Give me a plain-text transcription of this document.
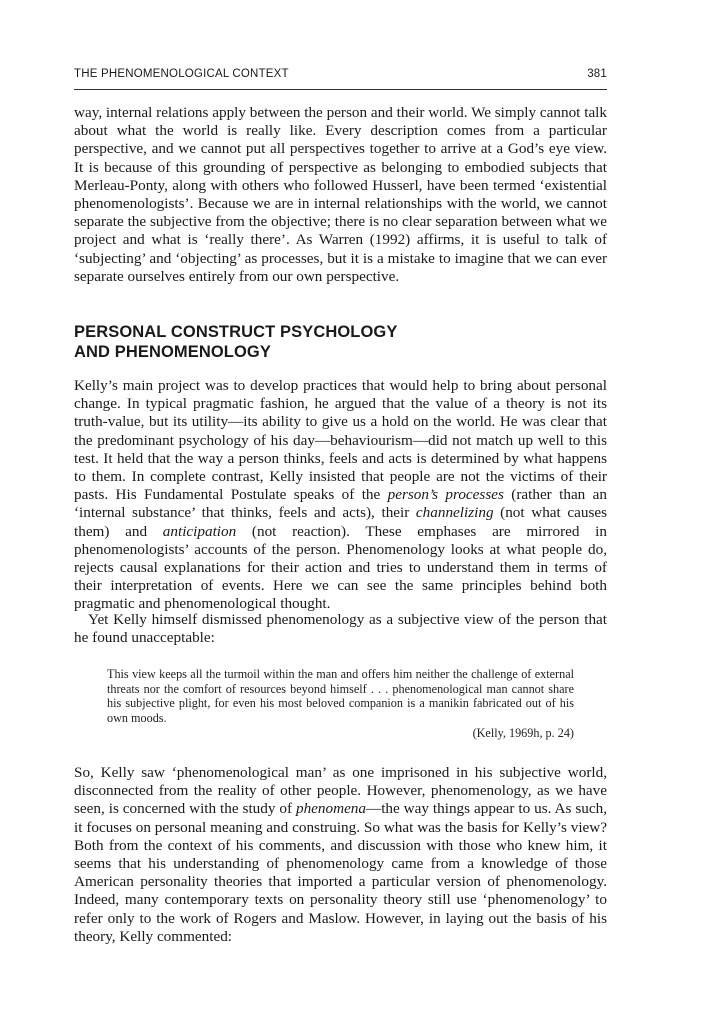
THE PHENOMENOLOGICAL CONTEXT	381

way, internal relations apply between the person and their world. We simply cannot talk about what the world is really like. Every description comes from a particular perspective, and we cannot put all perspectives together to arrive at a God’s eye view. It is because of this grounding of perspective as belonging to embodied subjects that Merleau-Ponty, along with others who followed Husserl, have been termed ‘existential phenomenologists’. Because we are in internal relationships with the world, we cannot separate the subjective from the objective; there is no clear separation between what we project and what is ‘really there’. As Warren (1992) affirms, it is useful to talk of ‘subjecting’ and ‘objecting’ as processes, but it is a mistake to imagine that we can ever separate ourselves entirely from our own perspective.

PERSONAL CONSTRUCT PSYCHOLOGY
AND PHENOMENOLOGY

Kelly’s main project was to develop practices that would help to bring about personal change. In typical pragmatic fashion, he argued that the value of a theory is not its truth-value, but its utility—its ability to give us a hold on the world. He was clear that the predominant psychology of his day—behaviourism—did not match up well to this test. It held that the way a person thinks, feels and acts is determined by what happens to them. In complete contrast, Kelly insisted that people are not the victims of their pasts. His Fundamental Postulate speaks of the person’s processes (rather than an ‘internal substance’ that thinks, feels and acts), their channelizing (not what causes them) and anticipation (not reaction). These emphases are mirrored in phenomenologists’ accounts of the person. Phenomenology looks at what people do, rejects causal explanations for their action and tries to understand them in terms of their interpretation of events. Here we can see the same principles behind both pragmatic and phenomenological thought.

Yet Kelly himself dismissed phenomenology as a subjective view of the person that he found unacceptable:

This view keeps all the turmoil within the man and offers him neither the challenge of external threats nor the comfort of resources beyond himself . . . phenomenological man cannot share his subjective plight, for even his most beloved companion is a manikin fabricated out of his own moods.
(Kelly, 1969h, p. 24)

So, Kelly saw ‘phenomenological man’ as one imprisoned in his subjective world, disconnected from the reality of other people. However, phenomenology, as we have seen, is concerned with the study of phenomena—the way things appear to us. As such, it focuses on personal meaning and construing. So what was the basis for Kelly’s view? Both from the context of his comments, and discussion with those who knew him, it seems that his understanding of phenomenology came from a knowledge of those American personality theories that imported a particular version of phenomenology. Indeed, many contemporary texts on personality theory still use ‘phenomenology’ to refer only to the work of Rogers and Maslow. However, in laying out the basis of his theory, Kelly commented:
